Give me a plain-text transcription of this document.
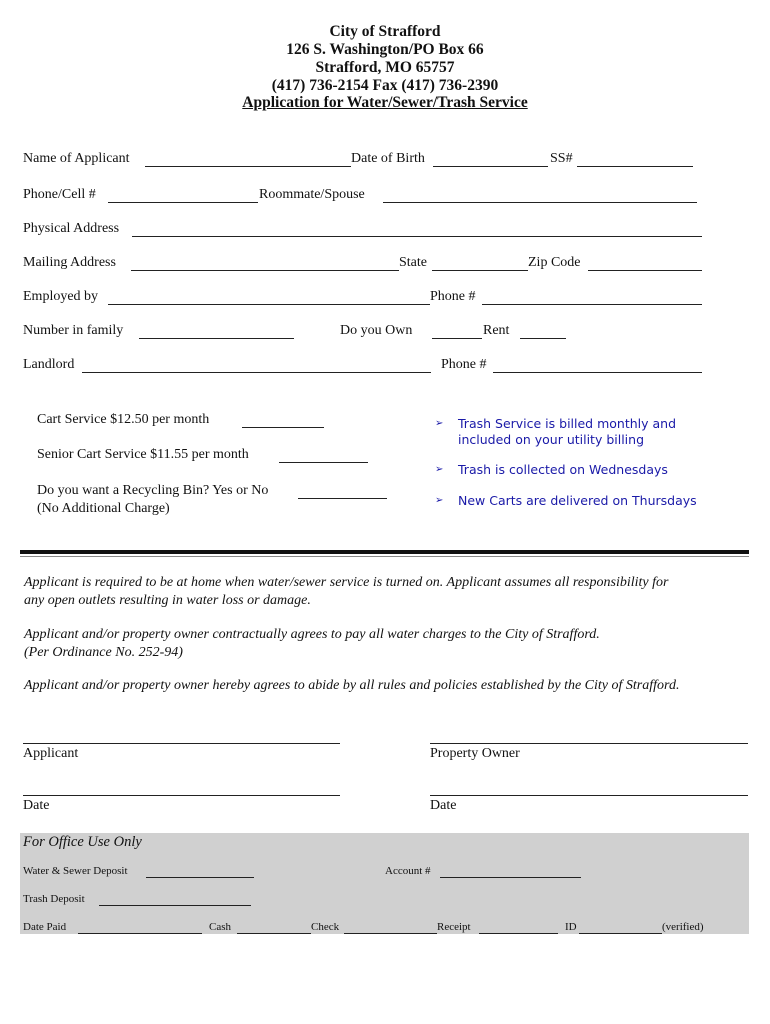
City of Strafford
126 S. Washington/PO Box 66
Strafford, MO 65757
(417) 736-2154 Fax (417) 736-2390
Application for Water/Sewer/Trash Service
Name of Applicant	Date of Birth	SS#
Phone/Cell #	Roommate/Spouse
Physical Address
Mailing Address	State	Zip Code
Employed by	Phone #
Number in family	Do you Own	Rent
Landlord	Phone #
Cart Service $12.50 per month
Senior Cart Service $11.55 per month
Do you want a Recycling Bin? Yes or No
(No Additional Charge)
➢ Trash Service is billed monthly and
included on your utility billing
➢ Trash is collected on Wednesdays
➢ New Carts are delivered on Thursdays
Applicant is required to be at home when water/sewer service is turned on. Applicant assumes all responsibility for
any open outlets resulting in water loss or damage.
Applicant and/or property owner contractually agrees to pay all water charges to the City of Strafford.
(Per Ordinance No. 252-94)
Applicant and/or property owner hereby agrees to abide by all rules and policies established by the City of Strafford.
Applicant	Property Owner
Date	Date
For Office Use Only
Water & Sewer Deposit	Account #
Trash Deposit
Date Paid	Cash	Check	Receipt	ID	(verified)
